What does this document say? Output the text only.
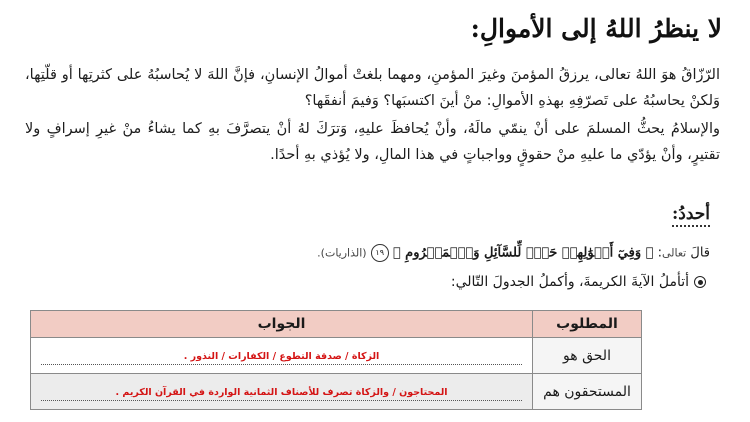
لا ينظرُ اللهُ إلى الأموالِ:

الرّزّاقُ هوَ اللهُ تعالى، يرزقُ المؤمنَ وغيرَ المؤمنِ، ومهما بلغتْ أموالُ الإنسانِ، فإنَّ اللهَ لا يُحاسبُهُ على كثرتِها أو قلّتِها، وَلكنْ يحاسبُهُ على تَصرّفِهِ بهذهِ الأموالِ: منْ أينَ اكتسبَها؟ وَفيمَ أنفقَها؟

والإسلامُ يحثُّ المسلمَ على أنْ ينمّي مالَهُ، وأنْ يُحافظَ عليهِ، وَترَكَ لهُ أنْ يتصرَّفَ بهِ كما يشاءُ منْ غيرِ إسرافٍ ولا تقتيرٍ، وأنْ يؤدّي ما عليهِ منْ حقوقٍ وواجباتٍ في هذا المالِ، ولا يُؤذي بهِ أحدًا.

أحددُ:
قالَ تعالى: ﴿ وَفِيٓ أَمۡوَٰلِهِمۡ حَقّٞ لِّلسَّآئِلِ وَٱلۡمَحۡرُومِ ﴾ ١٩ (الذاريات).
أتأملُ الآيةَ الكريمةَ، وأكملُ الجدولَ التّالي:
المطلوب	الجواب
الحق هو	الزكاة / صدقة التطوع / الكفارات / النذور .

المستحقون هم	المحتاجون / والزكاة تصرف للأصناف الثمانية الواردة في القرآن الكريم .
